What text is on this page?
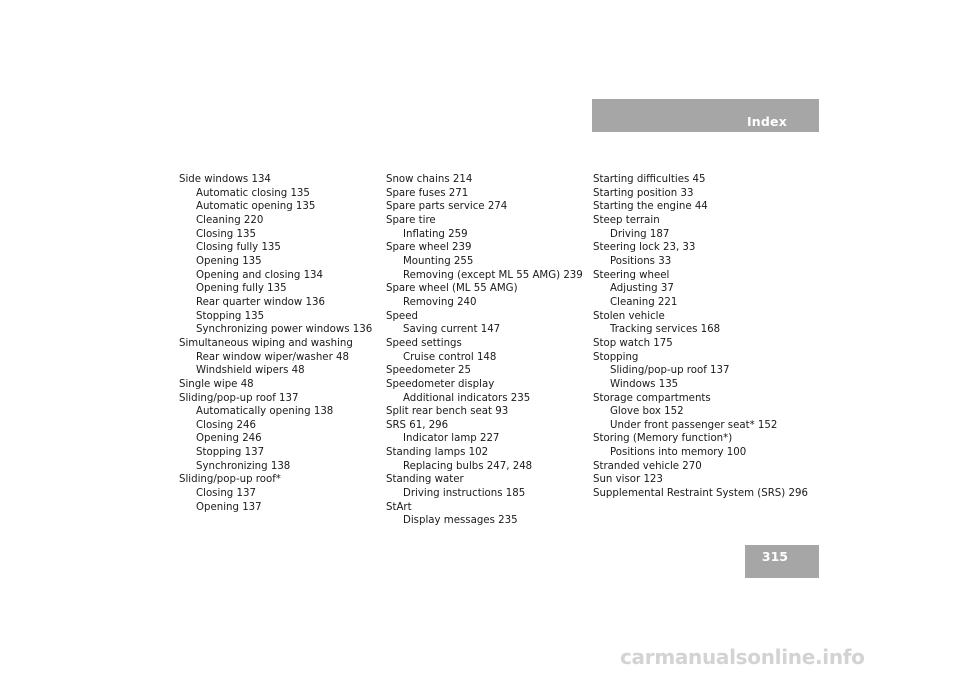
Index
Side windows 134
Automatic closing 135
Automatic opening 135
Cleaning 220
Closing 135
Closing fully 135
Opening 135
Opening and closing 134
Opening fully 135
Rear quarter window 136
Stopping 135
Synchronizing power windows 136
Simultaneous wiping and washing
Rear window wiper/washer 48
Windshield wipers 48
Single wipe 48
Sliding/pop-up roof 137
Automatically opening 138
Closing 246
Opening 246
Stopping 137
Synchronizing 138
Sliding/pop-up roof*
Closing 137
Opening 137
Snow chains 214
Spare fuses 271
Spare parts service 274
Spare tire
Inflating 259
Spare wheel 239
Mounting 255
Removing (except ML 55 AMG) 239
Spare wheel (ML 55 AMG)
Removing 240
Speed
Saving current 147
Speed settings
Cruise control 148
Speedometer 25
Speedometer display
Additional indicators 235
Split rear bench seat 93
SRS 61, 296
Indicator lamp 227
Standing lamps 102
Replacing bulbs 247, 248
Standing water
Driving instructions 185
StArt
Display messages 235
Starting difficulties 45
Starting position 33
Starting the engine 44
Steep terrain
Driving 187
Steering lock 23, 33
Positions 33
Steering wheel
Adjusting 37
Cleaning 221
Stolen vehicle
Tracking services 168
Stop watch 175
Stopping
Sliding/pop-up roof 137
Windows 135
Storage compartments
Glove box 152
Under front passenger seat* 152
Storing (Memory function*)
Positions into memory 100
Stranded vehicle 270
Sun visor 123
Supplemental Restraint System (SRS) 296
315
carmanualsonline.info
